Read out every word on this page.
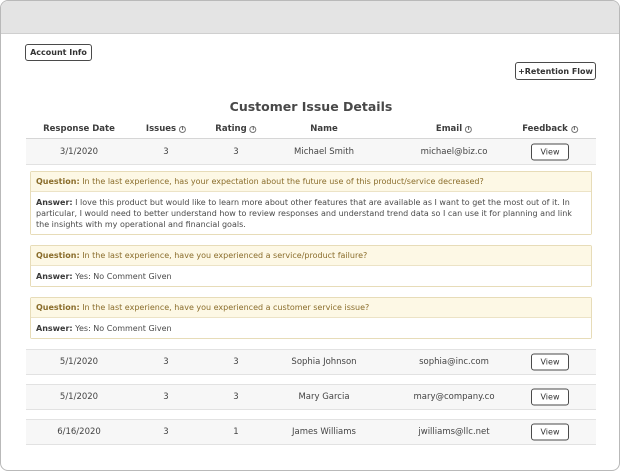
Account Info
+Retention Flow
Customer Issue Details
Response Date	Issues	i	Rating	i	Name	Email	i	Feedback	i
3/1/2020	3	3	Michael Smith	michael@biz.co	View
Question: In the last experience, has your expectation about the future use of this product/service decreased?
Answer: I love this product but would like to learn more about other features that are available as I want to get the most out of it. In particular, I would need to better understand how to review responses and understand trend data so I can use it for planning and link the insights with my operational and financial goals.
Question: In the last experience, have you experienced a service/product failure?
Answer: Yes: No Comment Given
Question: In the last experience, have you experienced a customer service issue?
Answer: Yes: No Comment Given
5/1/2020	3	3	Sophia Johnson	sophia@inc.com	View
5/1/2020	3	3	Mary Garcia	mary@company.co	View
6/16/2020	3	1	James Williams	jwilliams@llc.net	View
